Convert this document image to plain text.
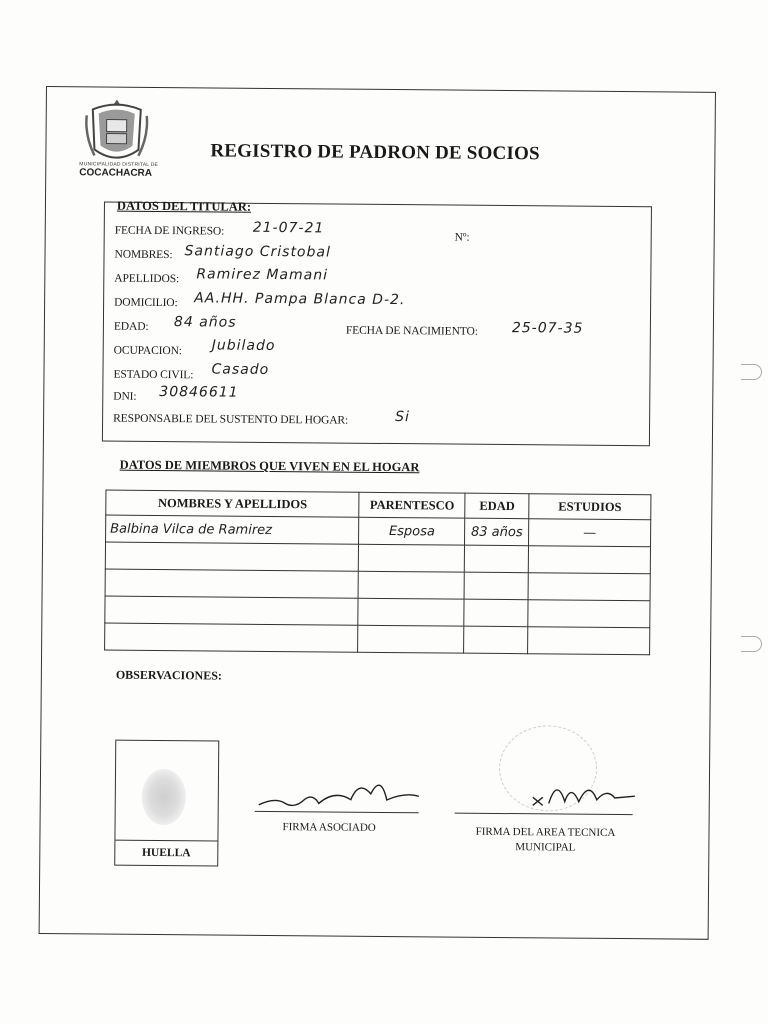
MUNICIPALIDAD DISTRITAL DE
COCACHACRA
REGISTRO DE PADRON DE SOCIOS
DATOS DEL TITULAR:
FECHA DE INGRESO: 21-07-21
Nº:
NOMBRES: Santiago Cristobal
APELLIDOS: Ramirez Mamani
DOMICILIO: AA.HH. Pampa Blanca D-2.
EDAD: 84 años
FECHA DE NACIMIENTO: 25-07-35
OCUPACION: Jubilado
ESTADO CIVIL: Casado
DNI: 30846611
RESPONSABLE DEL SUSTENTO DEL HOGAR:	Si
DATOS DE MIEMBROS QUE VIVEN EN EL HOGAR
NOMBRES Y APELLIDOS	PARENTESCO	EDAD	ESTUDIOS
Balbina Vilca de Ramirez	Esposa	83 años	—

OBSERVACIONES:
HUELLA
FIRMA ASOCIADO	FIRMA DEL AREA TECNICA
MUNICIPAL
